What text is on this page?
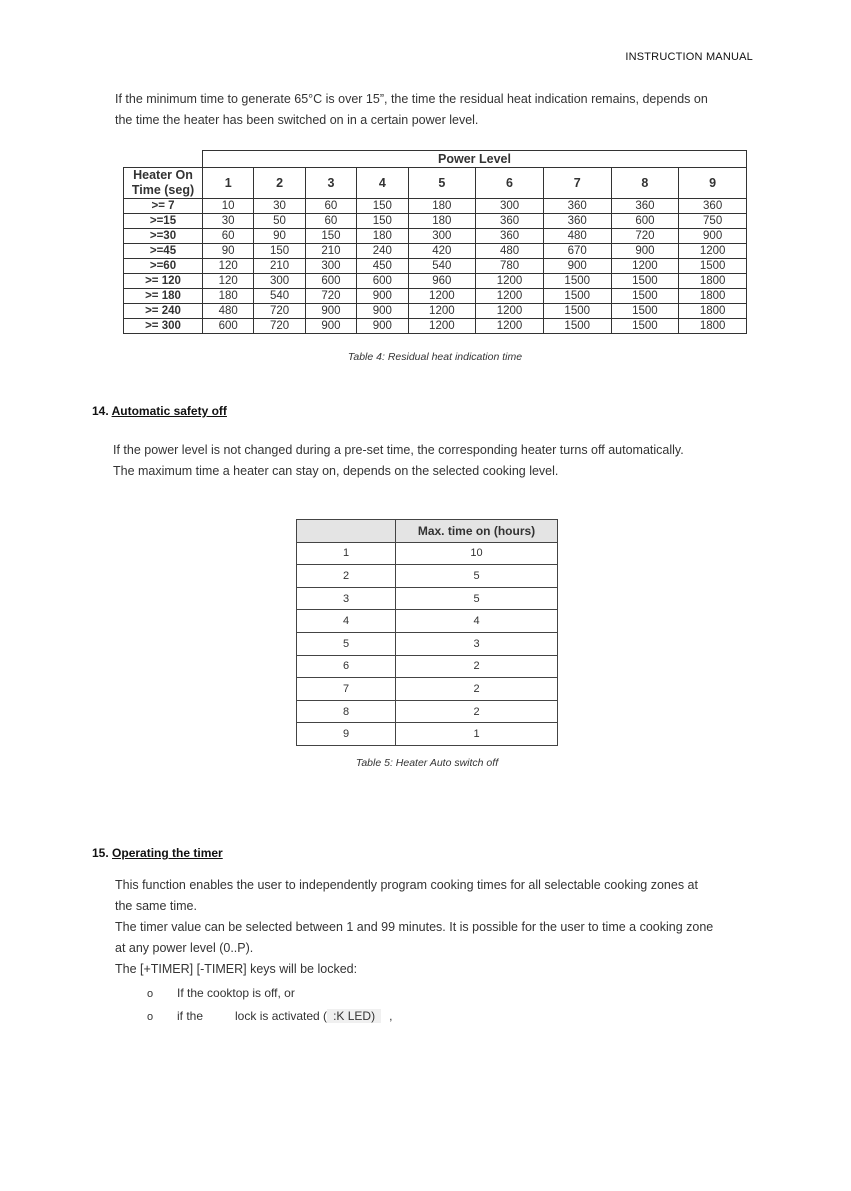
INSTRUCTION MANUAL
If the minimum time to generate 65°C is over 15”, the time the residual heat indication remains, depends on
the time the heater has been switched on in a certain power level.
	Power Level								

Heater On
Time (seg)	1	2	3	4	5	6	7	8	9
>= 7	10	30	60	150	180	300	360	360	360
>=15	30	50	60	150	180	360	360	600	750
>=30	60	90	150	180	300	360	480	720	900
>=45	90	150	210	240	420	480	670	900	1200
>=60	120	210	300	450	540	780	900	1200	1500
>= 120	120	300	600	600	960	1200	1500	1500	1800
>= 180	180	540	720	900	1200	1200	1500	1500	1800
>= 240	480	720	900	900	1200	1200	1500	1500	1800
>= 300	600	720	900	900	1200	1200	1500	1500	1800
Table 4: Residual heat indication time
14. Automatic safety off
If the power level is not changed during a pre-set time, the corresponding heater turns off automatically.
The maximum time a heater can stay on, depends on the selected cooking level.
	Max. time on (hours)
1	10
2	5
3	5
4	4
5	3
6	2
7	2
8	2
9	1
Table 5: Heater Auto switch off
15. Operating the timer
This function enables the user to independently program cooking times for all selectable cooking zones at
the same time.
The timer value can be selected between 1 and 99 minutes. It is possible for the user to time a cooking zone
at any power level (0..P).
The [+TIMER] [-TIMER] keys will be locked:
o If the cooktop is off, or
o if the	lock is activated ( :K LED) ,
